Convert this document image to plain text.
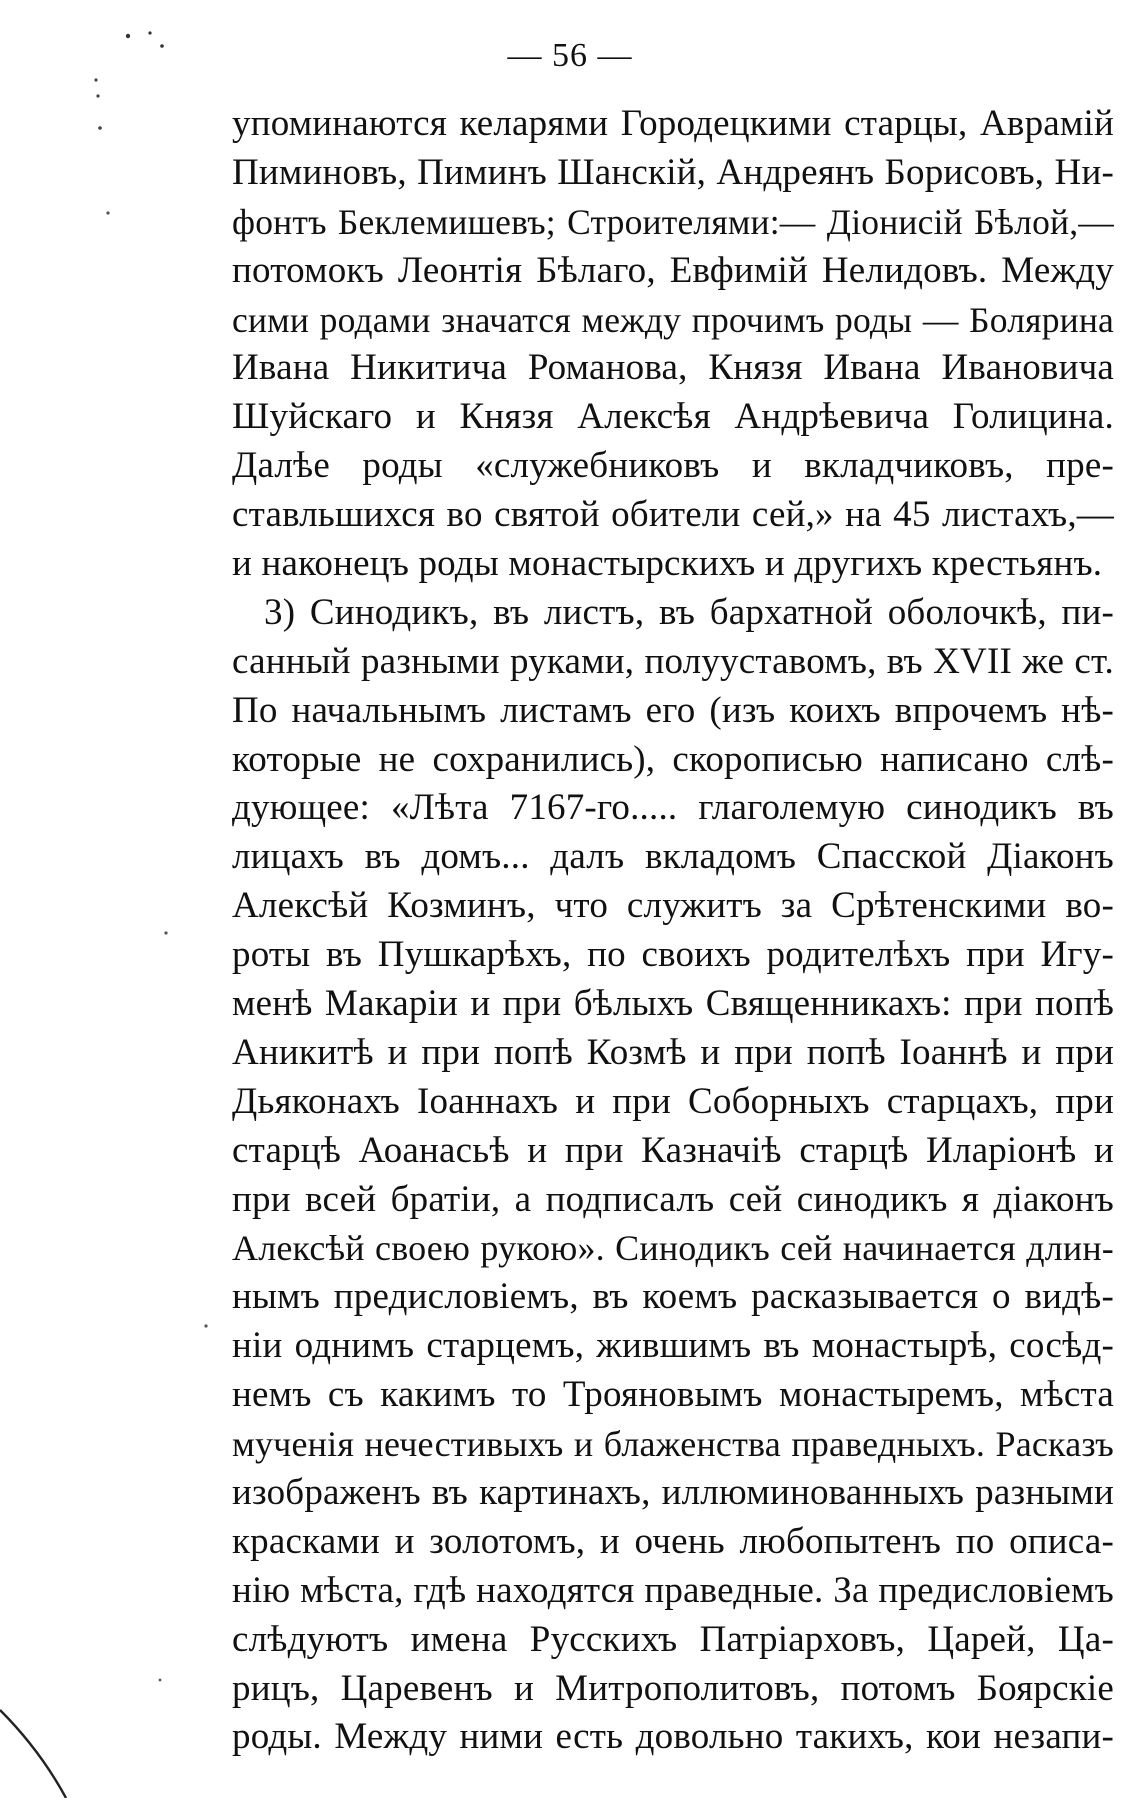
— 56 —
упоминаются келарями Городецкими старцы, Аврамій
Пиминовъ, Пиминъ Шанскій, Андреянъ Борисовъ, Ни-
фонтъ Беклемишевъ; Строителями:— Діонисій Бѣлой,—
потомокъ Леонтія Бѣлаго, Евфимій Нелидовъ. Между
сими родами значатся между прочимъ роды — Болярина
Ивана Никитича Романова, Князя Ивана Ивановича
Шуйскаго и Князя Алексѣя Андрѣевича Голицина.
Далѣе роды «служебниковъ и вкладчиковъ, пре-
ставльшихся во святой обители сей,» на 45 листахъ,—
и наконецъ роды монастырскихъ и другихъ крестьянъ.
3) Синодикъ, въ листъ, въ бархатной оболочкѣ, пи-
санный разными руками, полууставомъ, въ XVII же ст.
По начальнымъ листамъ его (изъ коихъ впрочемъ нѣ-
которые не сохранились), скорописью написано слѣ-
дующее: «Лѣта 7167-го..... глаголемую синодикъ въ
лицахъ въ домъ... далъ вкладомъ Спасской Діаконъ
Алексѣй Козминъ, что служитъ за Срѣтенскими во-
роты въ Пушкарѣхъ, по своихъ родителѣхъ при Игу-
менѣ Макаріи и при бѣлыхъ Священникахъ: при попѣ
Аникитѣ и при попѣ Козмѣ и при попѣ Іоаннѣ и при
Дьяконахъ Іоаннахъ и при Соборныхъ старцахъ, при
старцѣ Аоанасьѣ и при Казначіѣ старцѣ Иларіонѣ и
при всей братіи, а подписалъ сей синодикъ я діаконъ
Алексѣй своею рукою». Синодикъ сей начинается длин-
нымъ предисловіемъ, въ коемъ расказывается о видѣ-
ніи однимъ старцемъ, жившимъ въ монастырѣ, сосѣд-
немъ съ какимъ то Трояновымъ монастыремъ, мѣста
мученія нечестивыхъ и блаженства праведныхъ. Расказъ
изображенъ въ картинахъ, иллюминованныхъ разными
красками и золотомъ, и очень любопытенъ по описа-
нію мѣста, гдѣ находятся праведные. За предисловіемъ
слѣдуютъ имена Русскихъ Патріарховъ, Царей, Ца-
рицъ, Царевенъ и Митрополитовъ, потомъ Боярскіе
роды. Между ними есть довольно такихъ, кои незапи-
